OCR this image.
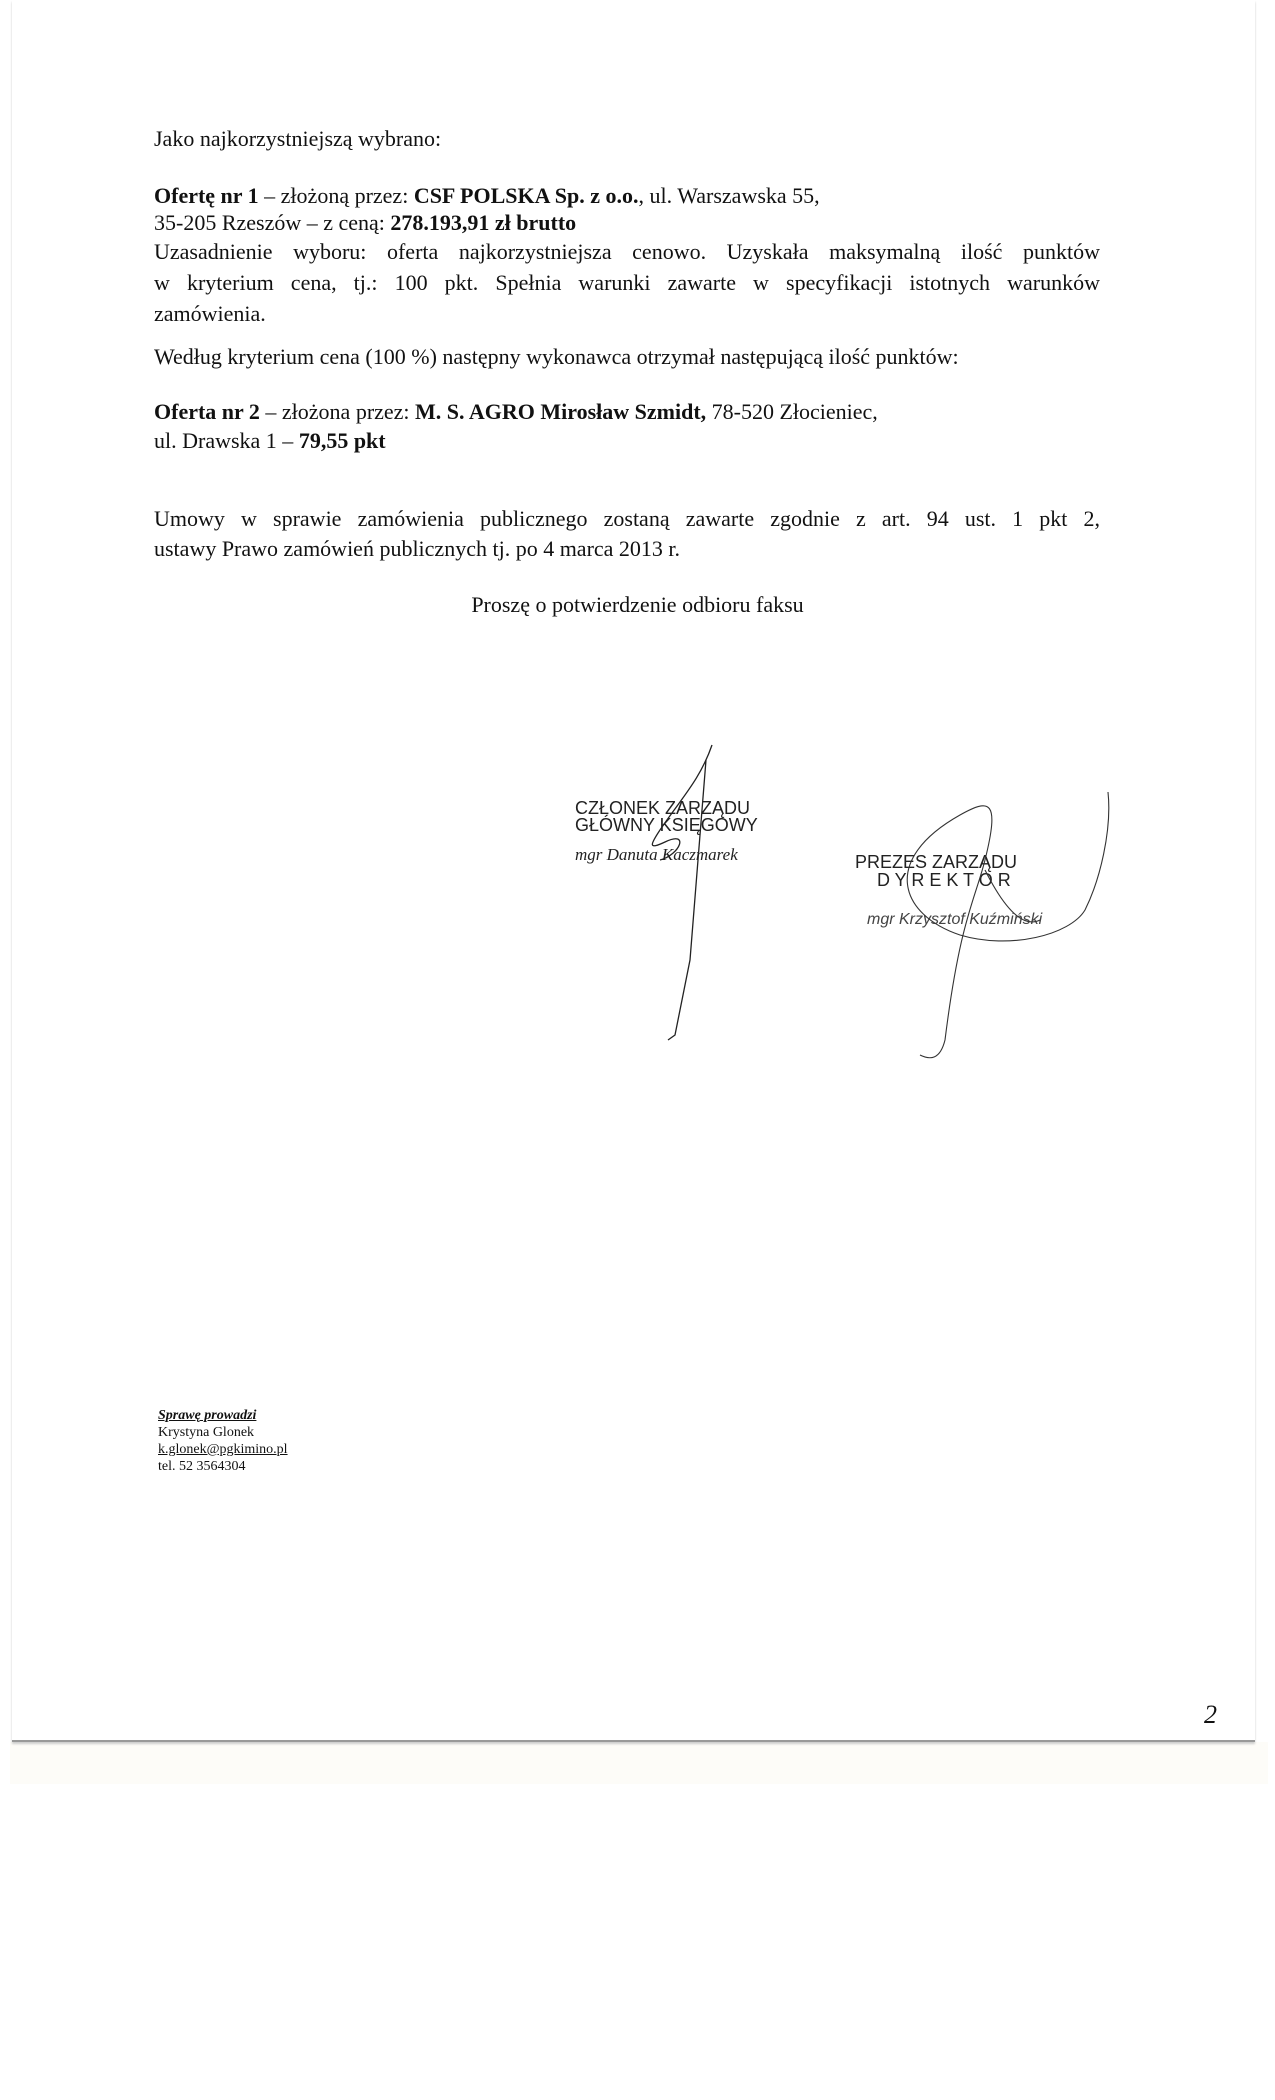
Jako najkorzystniejszą wybrano:
Ofertę nr 1 – złożoną przez: CSF POLSKA Sp. z o.o., ul. Warszawska 55,
35-205 Rzeszów – z ceną: 278.193,91 zł brutto
Uzasadnienie wyboru: oferta najkorzystniejsza cenowo. Uzyskała maksymalną ilość punktów
w kryterium cena, tj.: 100 pkt. Spełnia warunki zawarte w specyfikacji istotnych warunków
zamówienia.
Według kryterium cena (100 %) następny wykonawca otrzymał następującą ilość punktów:
Oferta nr 2 – złożona przez: M. S. AGRO Mirosław Szmidt, 78-520 Złocieniec,
ul. Drawska 1 – 79,55 pkt
Umowy w sprawie zamówienia publicznego zostaną zawarte zgodnie z art. 94 ust. 1 pkt 2,
ustawy Prawo zamówień publicznych tj. po 4 marca 2013 r.
Proszę o potwierdzenie odbioru faksu
CZŁONEK ZARZĄDU
GŁÓWNY KSIĘGOWY
mgr Danuta Kaczmarek	PREZES ZARZĄDU
D Y R E K T O R
mgr Krzysztof Kuźmiński
Sprawę prowadzi
Krystyna Glonek
k.glonek@pgkimino.pl
tel. 52 3564304
2
